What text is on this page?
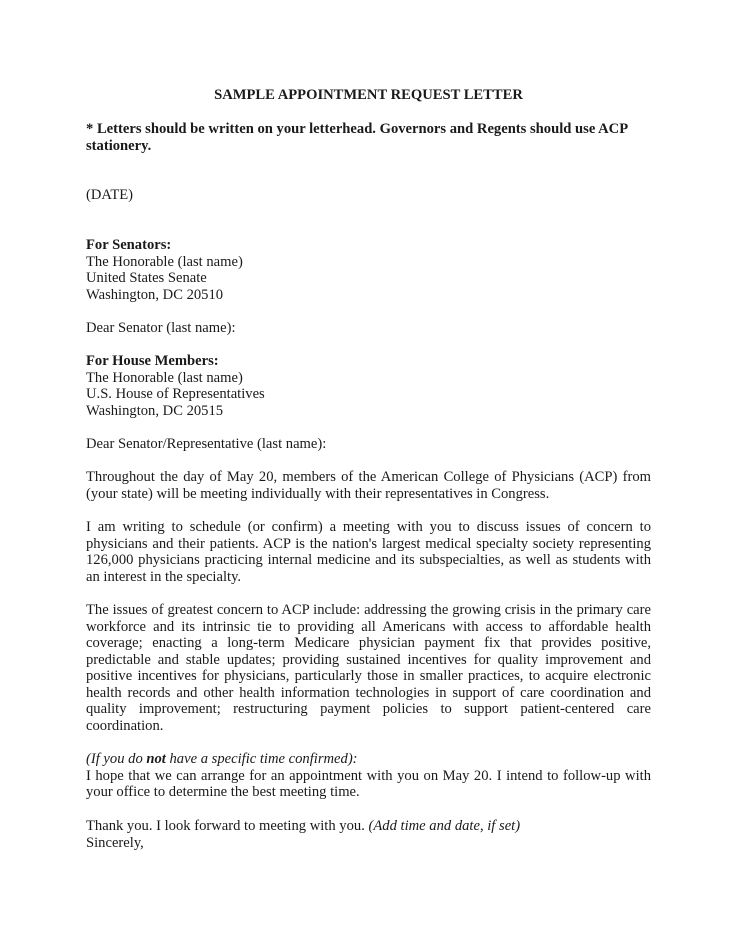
SAMPLE APPOINTMENT REQUEST LETTER

* Letters should be written on your letterhead. Governors and Regents should use ACP stationery.

(DATE)

For Senators:
The Honorable (last name)
United States Senate
Washington, DC 20510

Dear Senator (last name):

For House Members:
The Honorable (last name)
U.S. House of Representatives
Washington, DC 20515

Dear Senator/Representative (last name):

Throughout the day of May 20, members of the American College of Physicians (ACP) from (your state) will be meeting individually with their representatives in Congress.

I am writing to schedule (or confirm) a meeting with you to discuss issues of concern to physicians and their patients. ACP is the nation's largest medical specialty society representing 126,000 physicians practicing internal medicine and its subspecialties, as well as students with an interest in the specialty.

The issues of greatest concern to ACP include: addressing the growing crisis in the primary care workforce and its intrinsic tie to providing all Americans with access to affordable health coverage; enacting a long-term Medicare physician payment fix that provides positive, predictable and stable updates; providing sustained incentives for quality improvement and positive incentives for physicians, particularly those in smaller practices, to acquire electronic health records and other health information technologies in support of care coordination and quality improvement; restructuring payment policies to support patient-centered care coordination.

(If you do not have a specific time confirmed):
I hope that we can arrange for an appointment with you on May 20. I intend to follow-up with your office to determine the best meeting time.
Thank you. I look forward to meeting with you. (Add time and date, if set)
Sincerely,
